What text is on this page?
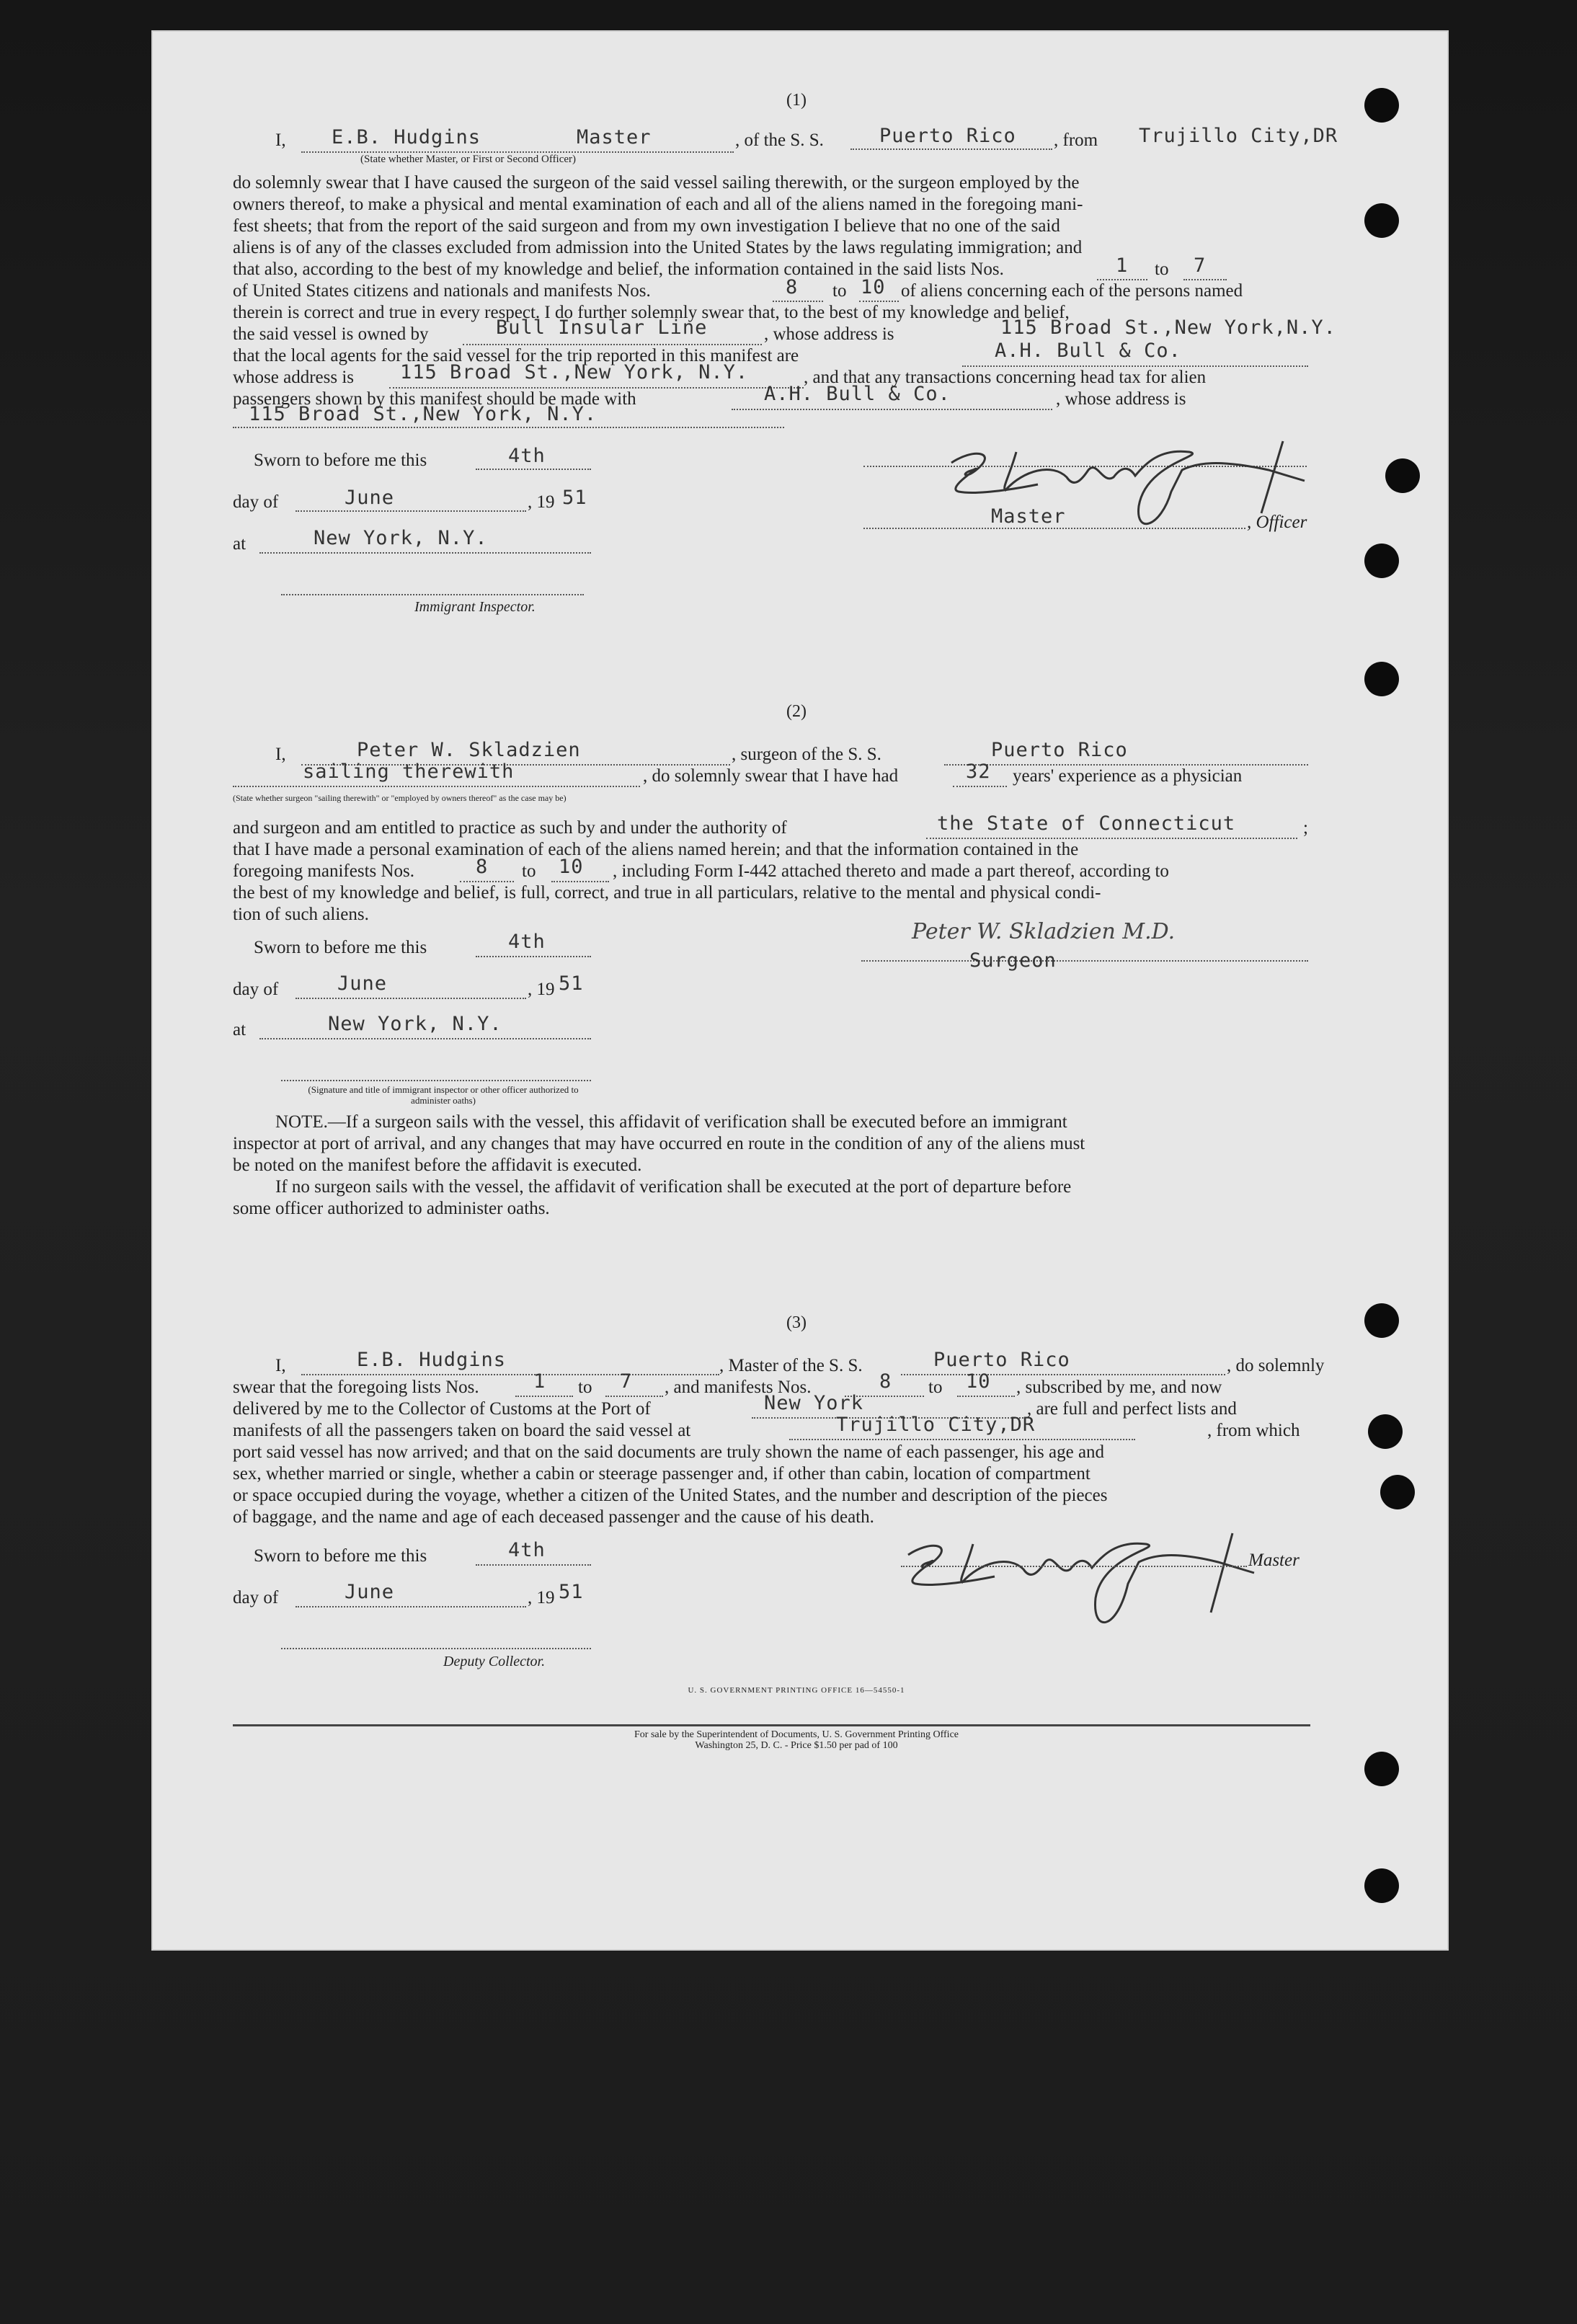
(1)
I, E.B. Hudgins	Master
(State whether Master, or First or Second Officer)
, of the S. S.	Puerto Rico , from Trujillo City,DR
do solemnly swear that I have caused the surgeon of the said vessel sailing therewith, or the surgeon employed by the
owners thereof, to make a physical and mental examination of each and all of the aliens named in the foregoing mani-
fest sheets; that from the report of the said surgeon and from my own investigation I believe that no one of the said
aliens is of any of the classes excluded from admission into the United States by the laws regulating immigration; and
that also, according to the best of my knowledge and belief, the information contained in the said lists Nos.	1 to 7
of United States citizens and nationals and manifests Nos.	8 to 10 of aliens concerning each of the persons named
therein is correct and true in every respect. I do further solemnly swear that, to the best of my knowledge and belief,
the said vessel is owned by	Bull Insular Line	, whose address is	115 Broad St.,New York,N.Y.
that the local agents for the said vessel for the trip reported in this manifest are	A.H. Bull & Co.
whose address is 115 Broad St.,New York, N.Y.	, and that any transactions concerning head tax for alien
passengers shown by this manifest should be made with	A.H. Bull & Co.	, whose address is
115 Broad St.,New York, N.Y.
Sworn to before me this	4th
day of	June	, 19 51
at	New York, N.Y.
Immigrant Inspector.
Master	, Officer
(2)
I,	Peter W. Skladzien	, surgeon of the S. S.	Puerto Rico
sailing therewith	, do solemnly swear that I have had	32 years' experience as a physician
(State whether surgeon "sailing therewith" or "employed by owners thereof" as the case may be)
and surgeon and am entitled to practice as such by and under the authority of	the State of Connecticut	;
that I have made a personal examination of each of the aliens named herein; and that the information contained in the
foregoing manifests Nos.	8 to 10 , including Form I-442 attached thereto and made a part thereof, according to
the best of my knowledge and belief, is full, correct, and true in all particulars, relative to the mental and physical condi-
tion of such aliens.
Sworn to before me this	4th
day of	June	, 19 51
at	New York, N.Y.
(Signature and title of immigrant inspector or other officer authorized to administer oaths)
Peter W. Skladzien M.D.
Surgeon
NOTE.—If a surgeon sails with the vessel, this affidavit of verification shall be executed before an immigrant
inspector at port of arrival, and any changes that may have occurred en route in the condition of any of the aliens must
be noted on the manifest before the affidavit is executed.
If no surgeon sails with the vessel, the affidavit of verification shall be executed at the port of departure before
some officer authorized to administer oaths.
(3)
I,	E.B. Hudgins	, Master of the S. S.	Puerto Rico	, do solemnly
swear that the foregoing lists Nos.	1 to 7 , and manifests Nos.	8 to 10 , subscribed by me, and now
delivered by me to the Collector of Customs at the Port of	New York	, are full and perfect lists and
manifests of all the passengers taken on board the said vessel at	Trujillo City,DR	, from which
port said vessel has now arrived; and that on the said documents are truly shown the name of each passenger, his age and
sex, whether married or single, whether a cabin or steerage passenger and, if other than cabin, location of compartment
or space occupied during the voyage, whether a citizen of the United States, and the number and description of the pieces
of baggage, and the name and age of each deceased passenger and the cause of his death.
Sworn to before me this	4th
day of	June	, 19 51
Deputy Collector.
Master
U. S. GOVERNMENT PRINTING OFFICE 16—54550-1
For sale by the Superintendent of Documents, U. S. Government Printing Office
Washington 25, D. C. - Price $1.50 per pad of 100
